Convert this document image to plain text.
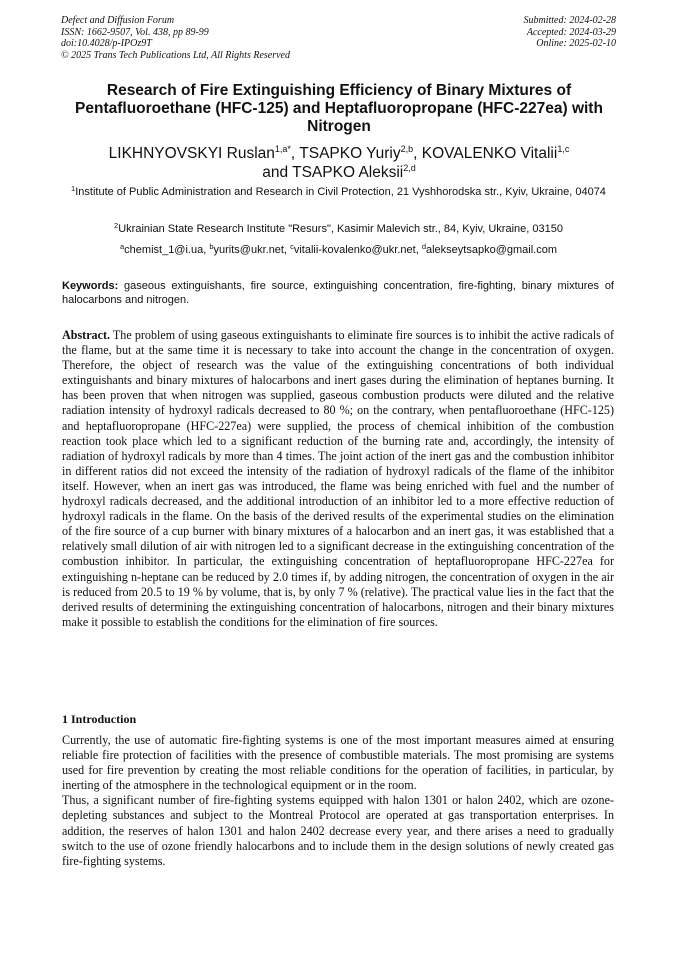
Defect and Diffusion Forum
ISSN: 1662-9507, Vol. 438, pp 89-99
doi:10.4028/p-IPOz9T
© 2025 Trans Tech Publications Ltd, All Rights Reserved
Submitted: 2024-02-28
Accepted: 2024-03-29
Online: 2025-02-10
Research of Fire Extinguishing Efficiency of Binary Mixtures of Pentafluoroethane (HFC-125) and Heptafluoropropane (HFC-227ea) with Nitrogen
LIKHNYOVSKYI Ruslan$^{1,a*}$, TSAPKO Yuriy$^{2,b}$, KOVALENKO Vitalii$^{1,c}$
and TSAPKO Aleksii$^{2,d}$
$^1$Institute of Public Administration and Research in Civil Protection, 21 Vyshhorodska str., Kyiv, Ukraine, 04074
$^2$Ukrainian State Research Institute "Resurs", Kasimir Malevich str., 84, Kyiv, Ukraine, 03150
$^a$chemist_1@i.ua, $^b$yurits@ukr.net, $^c$vitalii-kovalenko@ukr.net, $^d$alekseytsapko@gmail.com
Keywords: gaseous extinguishants, fire source, extinguishing concentration, fire-fighting, binary mixtures of halocarbons and nitrogen.
Abstract. The problem of using gaseous extinguishants to eliminate fire sources is to inhibit the active radicals of the flame, but at the same time it is necessary to take into account the change in the concentration of oxygen. Therefore, the object of research was the value of the extinguishing concentrations of both individual extinguishants and binary mixtures of halocarbons and inert gases during the elimination of heptanes burning. It has been proven that when nitrogen was supplied, gaseous combustion products were diluted and the relative radiation intensity of hydroxyl radicals decreased to 80 %; on the contrary, when pentafluoroethane (HFC-125) and heptafluoropropane (HFC-227ea) were supplied, the process of chemical inhibition of the combustion reaction took place which led to a significant reduction of the burning rate and, accordingly, the intensity of radiation of hydroxyl radicals by more than 4 times. The joint action of the inert gas and the combustion inhibitor in different ratios did not exceed the intensity of the radiation of hydroxyl radicals of the flame of the inhibitor itself. However, when an inert gas was introduced, the flame was being enriched with fuel and the number of hydroxyl radicals decreased, and the additional introduction of an inhibitor led to a more effective reduction of hydroxyl radicals in the flame. On the basis of the derived results of the experimental studies on the elimination of the fire source of a cup burner with binary mixtures of a halocarbon and an inert gas, it was established that a relatively small dilution of air with nitrogen led to a significant decrease in the extinguishing concentration of the combustion inhibitor. In particular, the extinguishing concentration of heptafluoropropane HFC-227ea for extinguishing n-heptane can be reduced by 2.0 times if, by adding nitrogen, the concentration of oxygen in the air is reduced from 20.5 to 19 % by volume, that is, by only 7 % (relative). The practical value lies in the fact that the derived results of determining the extinguishing concentration of halocarbons, nitrogen and their binary mixtures make it possible to establish the conditions for the elimination of fire sources.
1 Introduction

Currently, the use of automatic fire-fighting systems is one of the most important measures aimed at ensuring reliable fire protection of facilities with the presence of combustible materials. The most promising are systems used for fire prevention by creating the most reliable conditions for the operation of facilities, in particular, by inerting of the atmosphere in the technological equipment or in the room.

Thus, a significant number of fire-fighting systems equipped with halon 1301 or halon 2402, which are ozone-depleting substances and subject to the Montreal Protocol are operated at gas transportation enterprises. In addition, the reserves of halon 1301 and halon 2402 decrease every year, and there arises a need to gradually switch to the use of ozone friendly halocarbons and to include them in the design solutions of newly created gas fire-fighting systems.
